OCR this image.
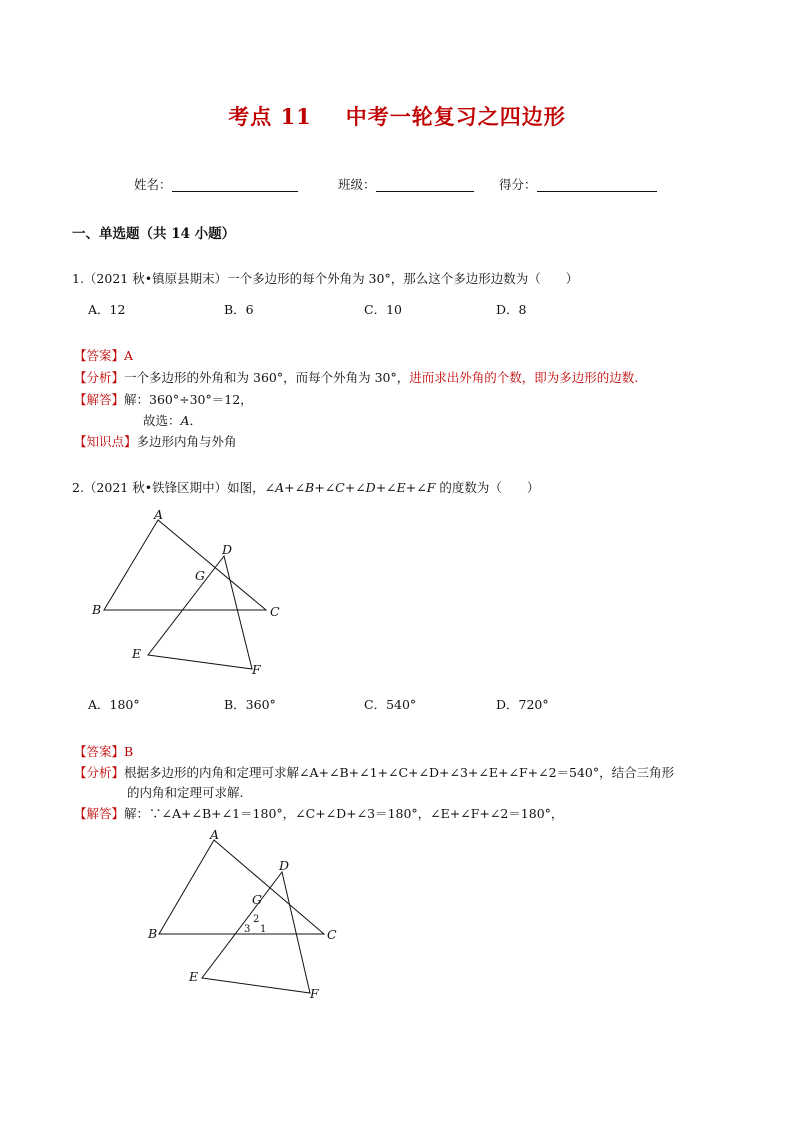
考点 11 中考一轮复习之四边形
姓名：	班级：	得分：
一、单选题（共 14 小题）
1.（2021 秋•镇原县期末）一个多边形的每个外角为 30°，那么这个多边形边数为（　　）
A．12	B．6	C．10	D．8
【答案】A
【分析】一个多边形的外角和为 360°，而每个外角为 30°，进而求出外角的个数，即为多边形的边数.
【解答】解：360°÷30°＝12，
故选：A．
【知识点】多边形内角与外角
2.（2021 秋•铁锋区期中）如图，∠A+∠B+∠C+∠D+∠E+∠F 的度数为（　　）
A
B	C
D
E
F
G
A．180°	B．360°	C．540°	D．720°
【答案】B
【分析】根据多边形的内角和定理可求解∠A+∠B+∠1+∠C+∠D+∠3+∠E+∠F+∠2＝540°，结合三角形
的内角和定理可求解.
【解答】解：∵∠A+∠B+∠1＝180°，∠C+∠D+∠3＝180°，∠E+∠F+∠2＝180°，
A
B	C
D
E
F
G
2
3 1
